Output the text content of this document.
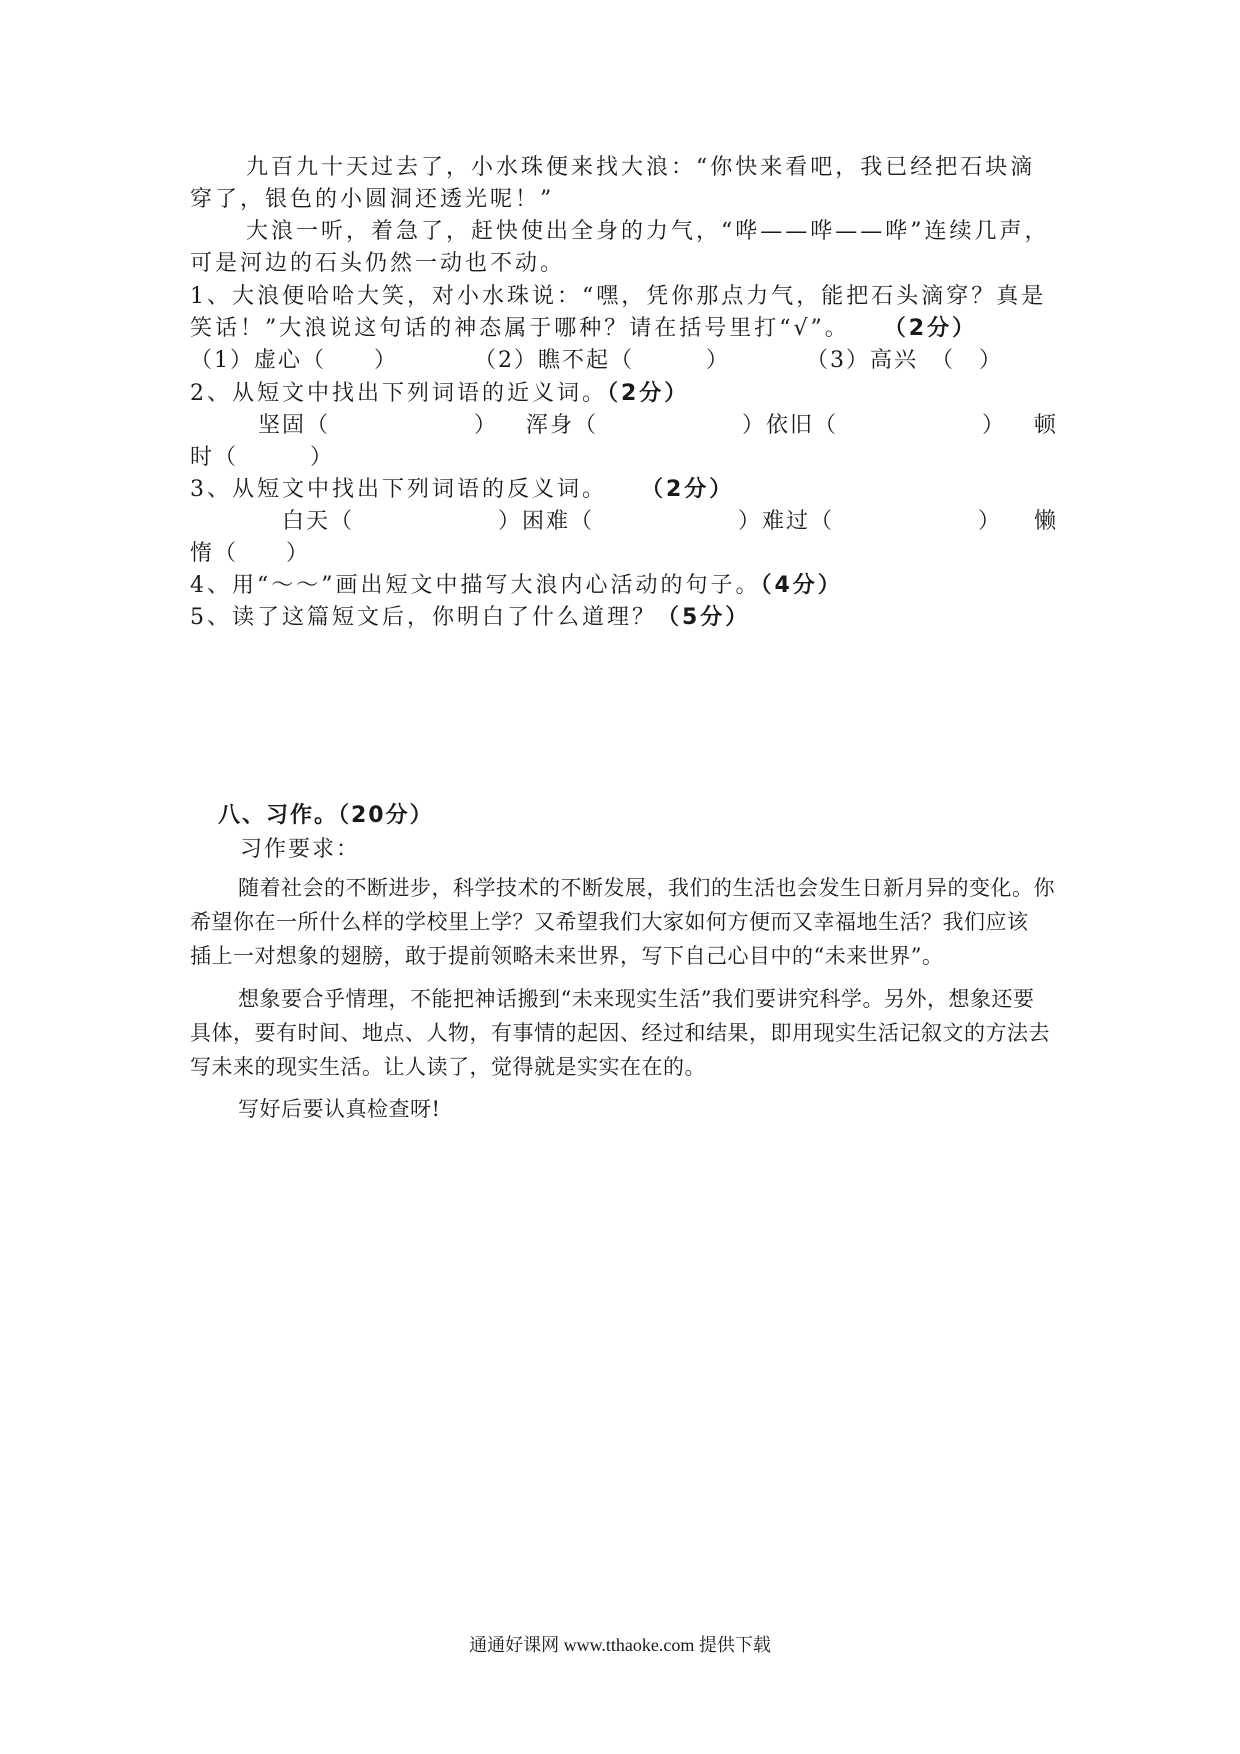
九百九十天过去了，小水珠便来找大浪：“你快来看吧，我已经把石块滴
穿了，银色的小圆洞还透光呢！”
大浪一听，着急了，赶快使出全身的力气，“哗——哗——哗”连续几声，
可是河边的石头仍然一动也不动。
1、大浪便哈哈大笑，对小水珠说：“嘿，凭你那点力气，能把石头滴穿？真是
笑话！”大浪说这句话的神态属于哪种？请在括号里打“√”。 （2分）
（1）虚心（　　）	（2）瞧不起（　　　）	（3）高兴　（　）
2、从短文中找出下列词语的近义词。（2分）
坚固（　　　　　　） 浑身（　　　　　　）依旧（　　　　　　） 顿
时（　　　）
3、从短文中找出下列词语的反义词。 （2分）
白天（　　　　　　）困难（　　　　　　）难过（　　　　　　） 懒
惰（　　）
4、用“～～”画出短文中描写大浪内心活动的句子。（4分）
5、读了这篇短文后，你明白了什么道理？（5分）
八、习作。（20分）
习作要求：
随着社会的不断进步，科学技术的不断发展，我们的生活也会发生日新月异的变化。你
希望你在一所什么样的学校里上学？又希望我们大家如何方便而又幸福地生活？我们应该
插上一对想象的翅膀，敢于提前领略未来世界，写下自己心目中的“未来世界”。
想象要合乎情理，不能把神话搬到“未来现实生活”我们要讲究科学。另外，想象还要
具体，要有时间、地点、人物，有事情的起因、经过和结果，即用现实生活记叙文的方法去
写未来的现实生活。让人读了，觉得就是实实在在的。
写好后要认真检查呀!
通通好课网 www.tthaoke.com 提供下载
